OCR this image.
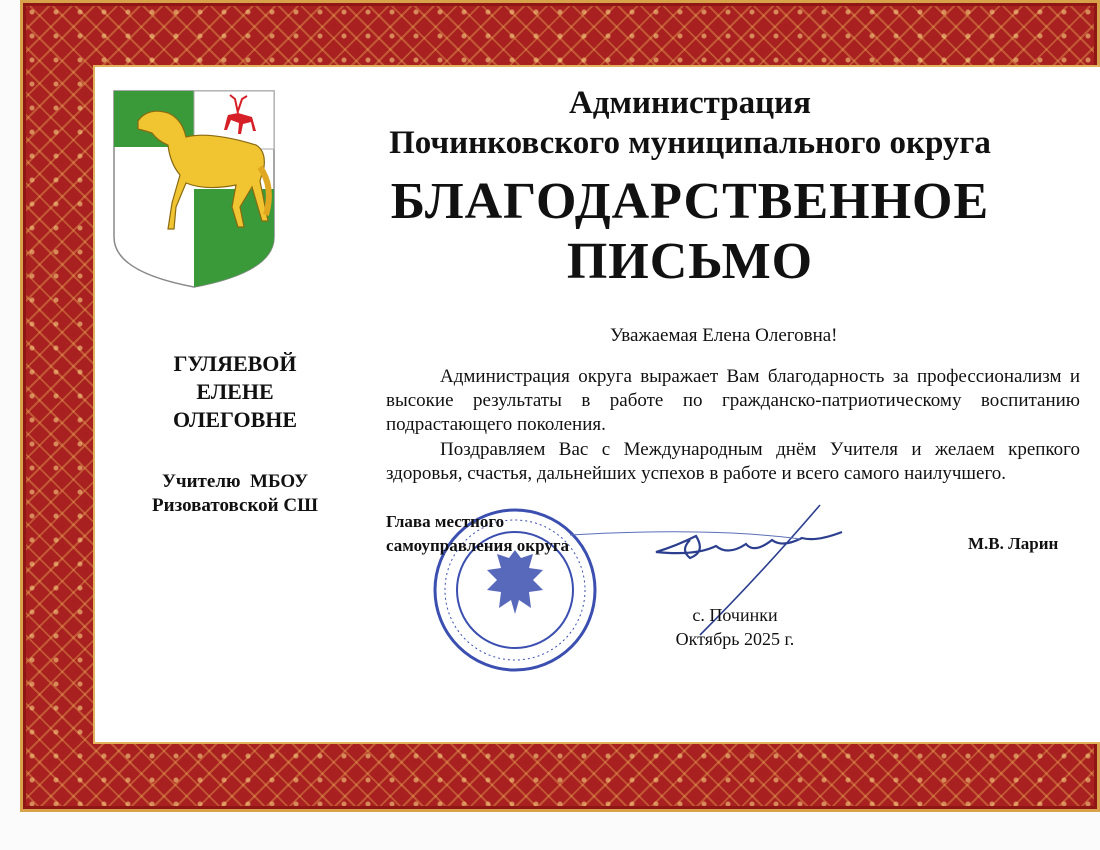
Администрация
Починковского муниципального округа
БЛАГОДАРСТВЕННОЕ
ПИСЬМО
ГУЛЯЕВОЙ
ЕЛЕНЕ
ОЛЕГОВНЕ
Учителю  МБОУ
Ризоватовской СШ
Уважаемая Елена Олеговна!
Администрация округа выражает Вам благодарность за профессионализм и высокие результаты в работе по гражданско-патриотическому воспитанию подрастающего поколения.
Поздравляем Вас с Международным днём Учителя и желаем крепкого здоровья, счастья, дальнейших успехов в работе и всего самого наилучшего.
Глава местного
самоуправления округа	М.В. Ларин
с. Починки
Октябрь 2025 г.
